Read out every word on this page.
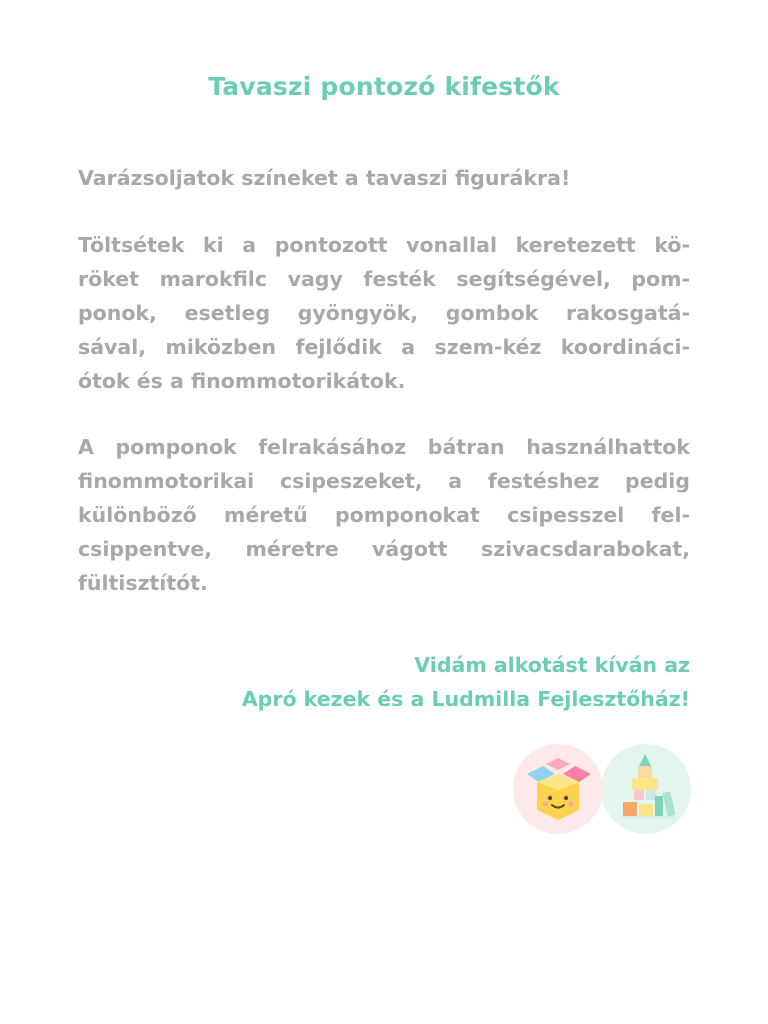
Tavaszi pontozó kifestők
Varázsoljatok színeket a tavaszi figurákra!
Töltsétek ki a pontozott vonallal keretezett kö-
röket marokfilc vagy festék segítségével, pom-
ponok, esetleg gyöngyök, gombok rakosgatá-
sával, miközben fejlődik a szem-kéz koordináci-
ótok és a finommotorikátok.
A pomponok felrakásához bátran használhattok
finommotorikai csipeszeket, a festéshez pedig
különböző méretű pomponokat csipesszel fel-
csippentve, méretre vágott szivacsdarabokat,
fültisztítót.
Vidám alkotást kíván az
Apró kezek és a Ludmilla Fejlesztőház!
